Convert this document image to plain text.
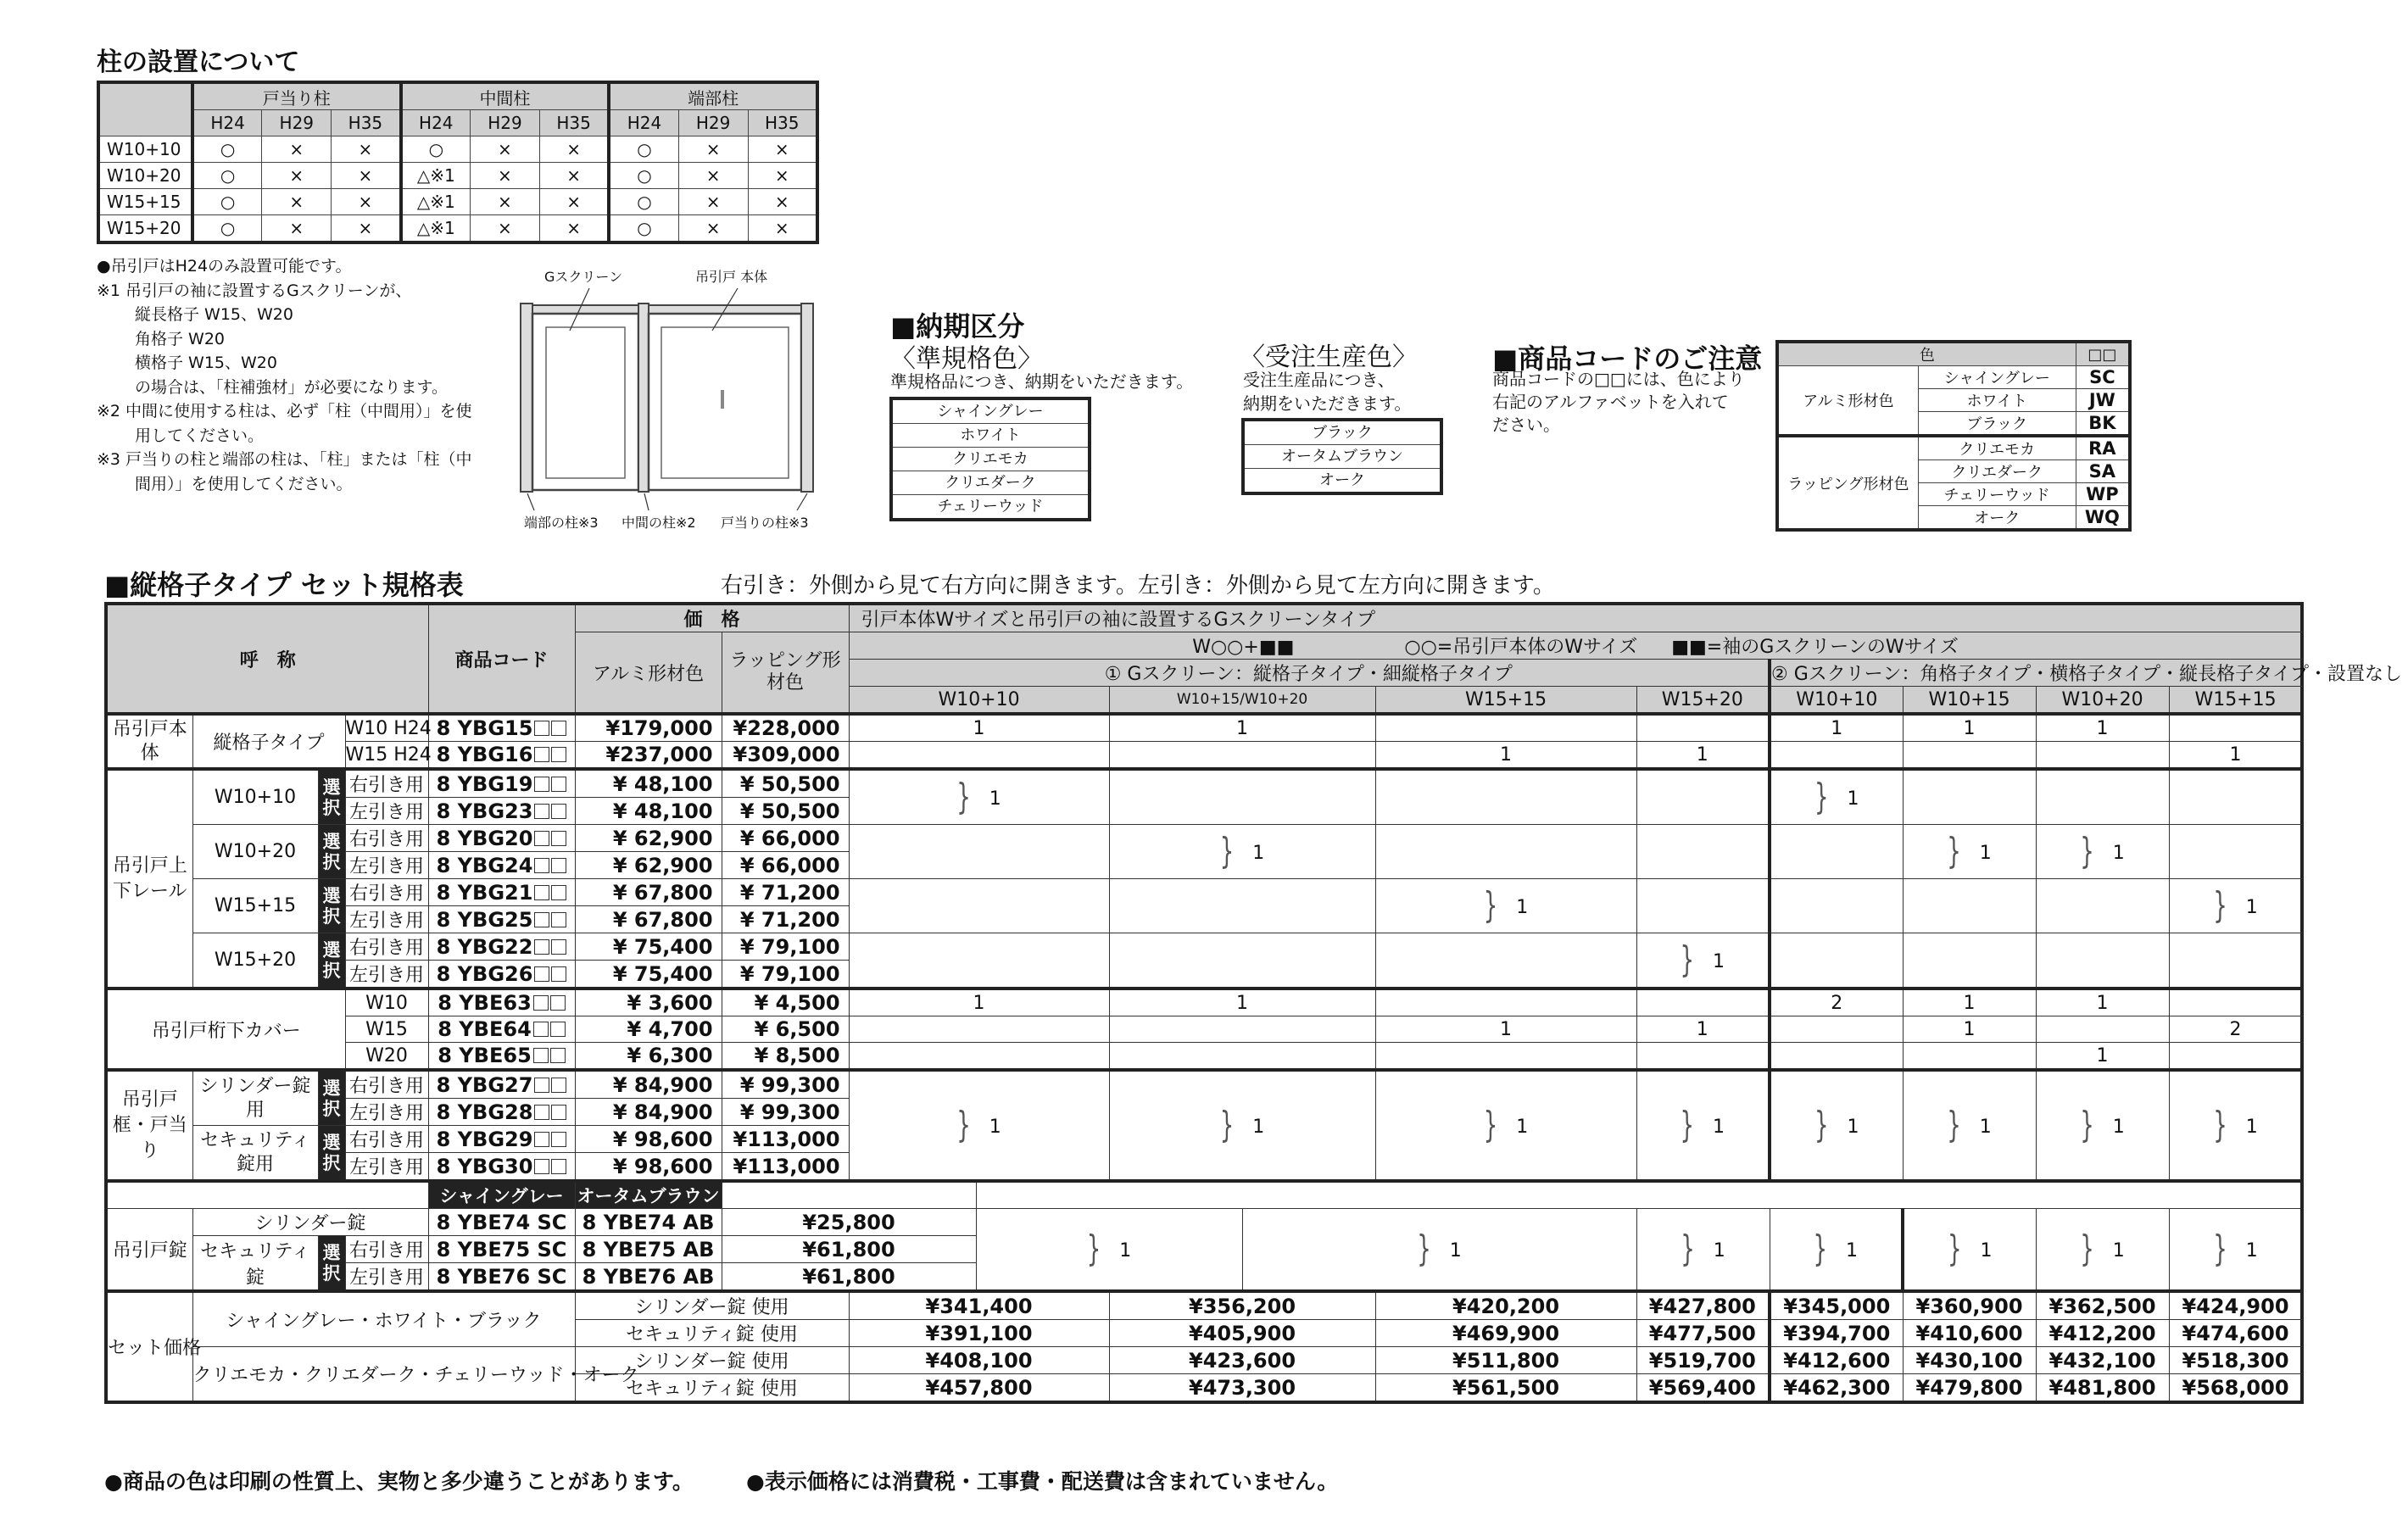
柱の設置について
	戸当り柱			中間柱			端部柱		
	H24	H29	H35	H24	H29	H35	H24	H29	H35
W10+10	○	×	×	○	×	×	○	×	×
W10+20	○	×	×	△※1	×	×	○	×	×
W15+15	○	×	×	△※1	×	×	○	×	×
W15+20	○	×	×	△※1	×	×	○	×	×
●吊引戸はH24のみ設置可能です。
※1 吊引戸の袖に設置するGスクリーンが、
縦長格子 W15、W20
角格子 W20
横格子 W15、W20
の場合は、「柱補強材」が必要になります。
※2 中間に使用する柱は、必ず「柱（中間用）」を使
用してください。
※3 戸当りの柱と端部の柱は、「柱」または「柱（中
間用）」を使用してください。
Gスクリーン	吊引戸 本体
端部の柱※3 中間の柱※2 戸当りの柱※3
■納期区分
〈準規格色〉
準規格品につき、納期をいただきます。
シャイングレー
ホワイト
クリエモカ
クリエダーク
チェリーウッド
〈受注生産色〉
受注生産品につき、
納期をいただきます。
ブラック
オータムブラウン
オーク
■商品コードのご注意
商品コードの□□には、色により
右記のアルファベットを入れて
ださい。
色		□□
アルミ形材色	シャイングレー	SC
	ホワイト	JW
	ブラック	BK
ラッピング形材色	クリエモカ	RA
	クリエダーク	SA
	チェリーウッド	WP
	オーク	WQ
■縦格子タイプ セット規格表	右引き：外側から見て右方向に開きます。左引き：外側から見て左方向に開きます。
呼　称				商品コード	価　格		引戸本体Wサイズと吊引戸の袖に設置するGスクリーンタイプ										
					アルミ形材色	ラッピング形材色	W○○+■■ ○○=吊引戸本体のWサイズ ■■=袖のGスクリーンのWサイズ										
							① Gスクリーン：縦格子タイプ・細縦格子タイプ						② Gスクリーン：角格子タイプ・横格子タイプ・縦長格子タイプ・設置なし				
							W10+10		W10+15/W10+20		W15+15	W15+20	W10+10	W10+15	W10+20	W15+15	
吊引戸本体	縦格子タイプ		W10 H24	8 YBG15	¥179,000	¥228,000	1		1				1	1	1		
			W15 H24	8 YBG16	¥237,000	¥309,000					1	1				1	
吊引戸上下レール	W10+10	選択	右引き用	8 YBG19	¥ 48,100	¥ 50,500	} 1						} 1				
			左引き用	8 YBG23	¥ 48,100	¥ 50,500											
	W10+20	選択	右引き用	8 YBG20	¥ 62,900	¥ 66,000			} 1					} 1	} 1		
			左引き用	8 YBG24	¥ 62,900	¥ 66,000											
	W15+15	選択	右引き用	8 YBG21	¥ 67,800	¥ 71,200					} 1					} 1	
			左引き用	8 YBG25	¥ 67,800	¥ 71,200											
	W15+20	選択	右引き用	8 YBG22	¥ 75,400	¥ 79,100						} 1					
			左引き用	8 YBG26	¥ 75,400	¥ 79,100											
吊引戸桁下カバー			W10	8 YBE63	¥ 3,600	¥ 4,500	1		1				2	1	1		
			W15	8 YBE64	¥ 4,700	¥ 6,500					1	1		1		2	
			W20	8 YBE65	¥ 6,300	¥ 8,500									1		
吊引戸框・戸当り	シリンダー錠用	選択	右引き用	8 YBG27	¥ 84,900	¥ 99,300	} 1		} 1		} 1	} 1	} 1	} 1	} 1	} 1	
			左引き用	8 YBG28	¥ 84,900	¥ 99,300											
	セキュリティ錠用	選択	右引き用	8 YBG29	¥ 98,600	¥113,000											
			左引き用	8 YBG30	¥ 98,600	¥113,000											
				シャイングレー	オータムブラウン												
吊引戸錠	シリンダー錠			8 YBE74 SC	8 YBE74 AB	¥25,800		} 1		} 1		} 1	} 1	} 1	} 1	} 1		
	セキュリティ錠	選択	右引き用	8 YBE75 SC	8 YBE75 AB	¥61,800											
			左引き用	8 YBE76 SC	8 YBE76 AB	¥61,800											
セット価格	シャイングレー・ホワイト・ブラック				シリンダー錠 使用		¥341,400		¥356,200		¥420,200	¥427,800	¥345,000	¥360,900	¥362,500	¥424,900	
					セキュリティ錠 使用		¥391,100		¥405,900		¥469,900	¥477,500	¥394,700	¥410,600	¥412,200	¥474,600	
	クリエモカ・クリエダーク・チェリーウッド・オーク				シリンダー錠 使用		¥408,100		¥423,600		¥511,800	¥519,700	¥412,600	¥430,100	¥432,100	¥518,300	
					セキュリティ錠 使用		¥457,800		¥473,300		¥561,500	¥569,400	¥462,300	¥479,800	¥481,800	¥568,000	
●商品の色は印刷の性質上、実物と多少違うことがあります。 ●表示価格には消費税・工事費・配送費は含まれていません。
